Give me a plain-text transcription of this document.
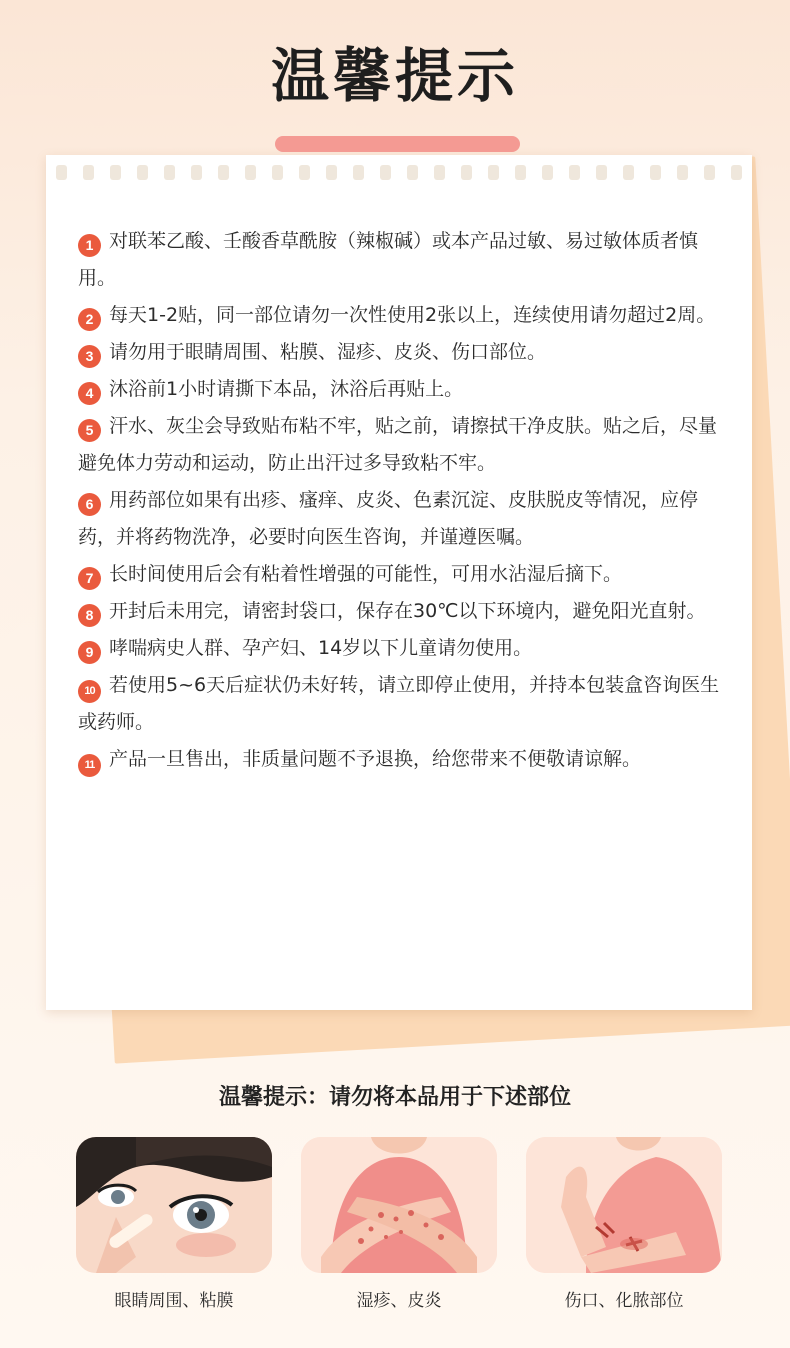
温馨提示

1 对联苯乙酸、壬酸香草酰胺（辣椒碱）或本产品过敏、易过敏体质者慎用。

2 每天1-2贴，同一部位请勿一次性使用2张以上，连续使用请勿超过2周。

3 请勿用于眼睛周围、粘膜、湿疹、皮炎、伤口部位。

4 沐浴前1小时请撕下本品，沐浴后再贴上。

5 汗水、灰尘会导致贴布粘不牢，贴之前，请擦拭干净皮肤。贴之后，尽量避免体力劳动和运动，防止出汗过多导致粘不牢。

6 用药部位如果有出疹、瘙痒、皮炎、色素沉淀、皮肤脱皮等情况，应停药，并将药物洗净，必要时向医生咨询，并谨遵医嘱。

7 长时间使用后会有粘着性增强的可能性，可用水沾湿后摘下。

8 开封后未用完，请密封袋口，保存在30℃以下环境内，避免阳光直射。

9 哮喘病史人群、孕产妇、14岁以下儿童请勿使用。

10 若使用5~6天后症状仍未好转，请立即停止使用，并持本包装盒咨询医生或药师。

11 产品一旦售出，非质量问题不予退换，给您带来不便敬请谅解。

温馨提示：请勿将本品用于下述部位
眼睛周围、粘膜	湿疹、皮炎	伤口、化脓部位
